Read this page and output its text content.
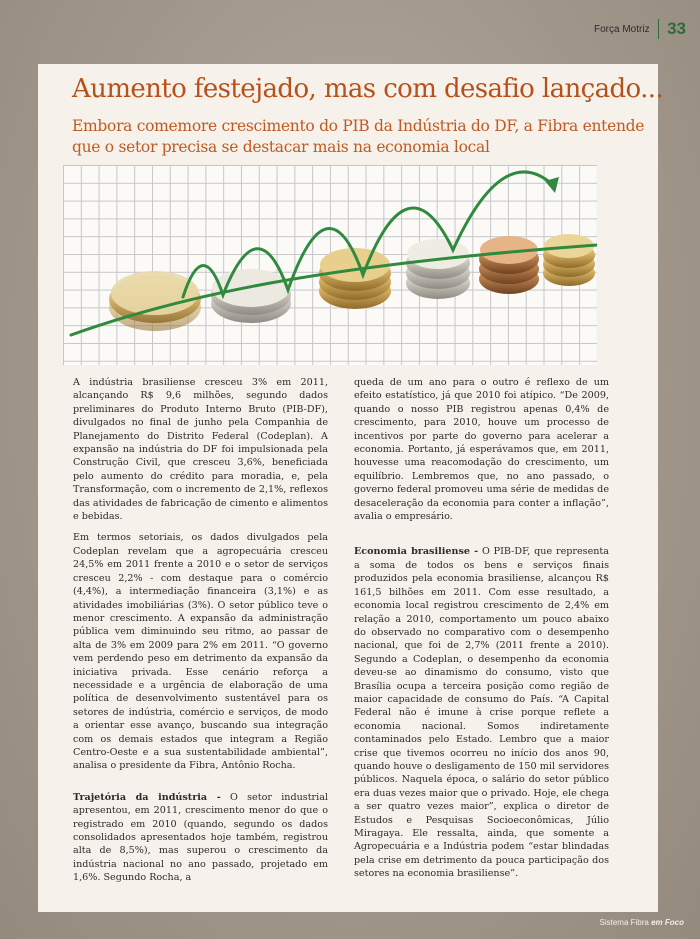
Força Motriz 33
Aumento festejado, mas com desafio lançado...
Embora comemore crescimento do PIB da Indústria do DF, a Fibra entende que o setor precisa se destacar mais na economia local

A indústria brasiliense cresceu 3% em 2011, alcançando R$ 9,6 milhões, segundo dados preliminares do Produto Interno Bruto (PIB-DF), divulgados no final de junho pela Companhia de Planejamento do Distrito Federal (Codeplan). A expansão na indústria do DF foi impulsionada pela Construção Civil, que cresceu 3,6%, beneficiada pelo aumento do crédito para moradia, e, pela Transformação, com o incremento de 2,1%, reflexos das atividades de fabricação de cimento e alimentos e bebidas.

Em termos setoriais, os dados divulgados pela Codeplan revelam que a agropecuária cresceu 24,5% em 2011 frente a 2010 e o setor de serviços cresceu 2,2% - com destaque para o comércio (4,4%), a intermediação financeira (3,1%) e as atividades imobiliárias (3%). O setor público teve o menor crescimento. A expansão da administração pública vem diminuindo seu ritmo, ao passar de alta de 3% em 2009 para 2% em 2011. “O governo vem perdendo peso em detrimento da expansão da iniciativa privada. Esse cenário reforça a necessidade e a urgência de elaboração de uma política de desenvolvimento sustentável para os setores de indústria, comércio e serviços, de modo a orientar esse avanço, buscando sua integração com os demais estados que integram a Região Centro-Oeste e a sua sustentabilidade ambiental”, analisa o presidente da Fibra, Antônio Rocha.

Trajetória da indústria - O setor industrial apresentou, em 2011, crescimento menor do que o registrado em 2010 (quando, segundo os dados consolidados apresentados hoje também, registrou alta de 8,5%), mas superou o crescimento da indústria nacional no ano passado, projetado em 1,6%. Segundo Rocha, a

queda de um ano para o outro é reflexo de um efeito estatístico, já que 2010 foi atípico. “De 2009, quando o nosso PIB registrou apenas 0,4% de crescimento, para 2010, houve um processo de incentivos por parte do governo para acelerar a economia. Portanto, já esperávamos que, em 2011, houvesse uma reacomodação do crescimento, um equilíbrio. Lembremos que, no ano passado, o governo federal promoveu uma série de medidas de desaceleração da economia para conter a inflação”, avalia o empresário.

Economia brasiliense - O PIB-DF, que representa a soma de todos os bens e serviços finais produzidos pela economia brasiliense, alcançou R$ 161,5 bilhões em 2011. Com esse resultado, a economia local registrou crescimento de 2,4% em relação a 2010, comportamento um pouco abaixo do observado no comparativo com o desempenho nacional, que foi de 2,7% (2011 frente a 2010). Segundo a Codeplan, o desempenho da economia deveu-se ao dinamismo do consumo, visto que Brasília ocupa a terceira posição como região de maior capacidade de consumo do País. “A Capital Federal não é imune à crise porque reflete a economia nacional. Somos indiretamente contaminados pelo Estado. Lembro que a maior crise que tivemos ocorreu no início dos anos 90, quando houve o desligamento de 150 mil servidores públicos. Naquela época, o salário do setor público era duas vezes maior que o privado. Hoje, ele chega a ser quatro vezes maior”, explica o diretor de Estudos e Pesquisas Socioeconômicas, Júlio Miragaya. Ele ressalta, ainda, que somente a Agropecuária e a Indústria podem “estar blindadas pela crise em detrimento da pouca participação dos setores na economia brasiliense”.

Sistema Fibra em Foco
